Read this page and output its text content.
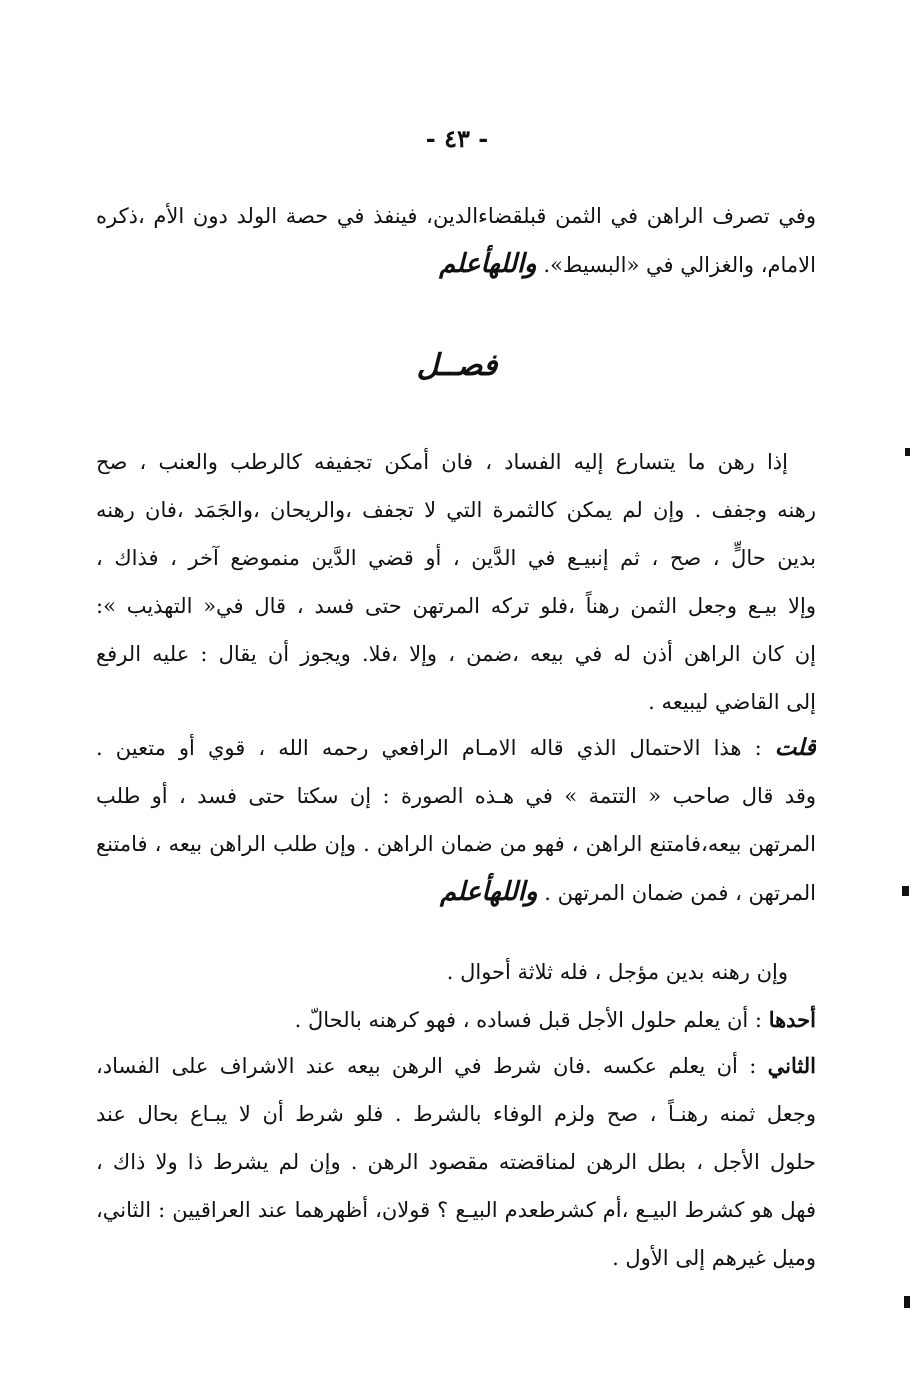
- ٤٣ -
وفي تصرف الراهن في الثمن قبلقضاءالدين، فينفذ في حصة الولد دون الأم ،ذكره
الامام، والغزالي في «البسيط». واللهأعلم
فصــل
إذا رهن ما يتسارع إليه الفساد ، فان أمكن تجفيفه كالرطب والعنب ، صح
رهنه وجفف . وإن لم يمكن كالثمرة التي لا تجفف ،والريحان ،والجَمَد ،فان رهنه
بدين حالٍّ ، صح ، ثم إنبيـع في الدَّين ، أو قضي الدَّين منموضع آخر ، فذاك ،
وإلا بيـع وجعل الثمن رهناً ،فلو تركه المرتهن حتى فسد ، قال في« التهذيب »:
إن كان الراهن أذن له في بيعه ،ضمن ، وإلا ،فلا. ويجوز أن يقال : عليه الرفع
إلى القاضي ليبيعه .
قلت : هذا الاحتمال الذي قاله الامـام الرافعي رحمه الله ، قوي أو متعين .
وقد قال صاحب « التتمة » في هـذه الصورة : إن سكتا حتى فسد ، أو طلب
المرتهن بيعه،فامتنع الراهن ، فهو من ضمان الراهن . وإن طلب الراهن بيعه ، فامتنع
المرتهن ، فمن ضمان المرتهن . واللهأعلم
وإن رهنه بدين مؤجل ، فله ثلاثة أحوال .
أحدها : أن يعلم حلول الأجل قبل فساده ، فهو كرهنه بالحالّ .
الثاني : أن يعلم عكسه .فان شرط في الرهن بيعه عند الاشراف على الفساد،
وجعل ثمنه رهنـاً ، صح ولزم الوفاء بالشرط . فلو شرط أن لا يبـاع بحال عند
حلول الأجل ، بطل الرهن لمناقضته مقصود الرهن . وإن لم يشرط ذا ولا ذاك ،
فهل هو كشرط البيـع ،أم كشرطعدم البيـع ؟ قولان، أظهرهما عند العراقيين : الثاني،
وميل غيرهم إلى الأول .
